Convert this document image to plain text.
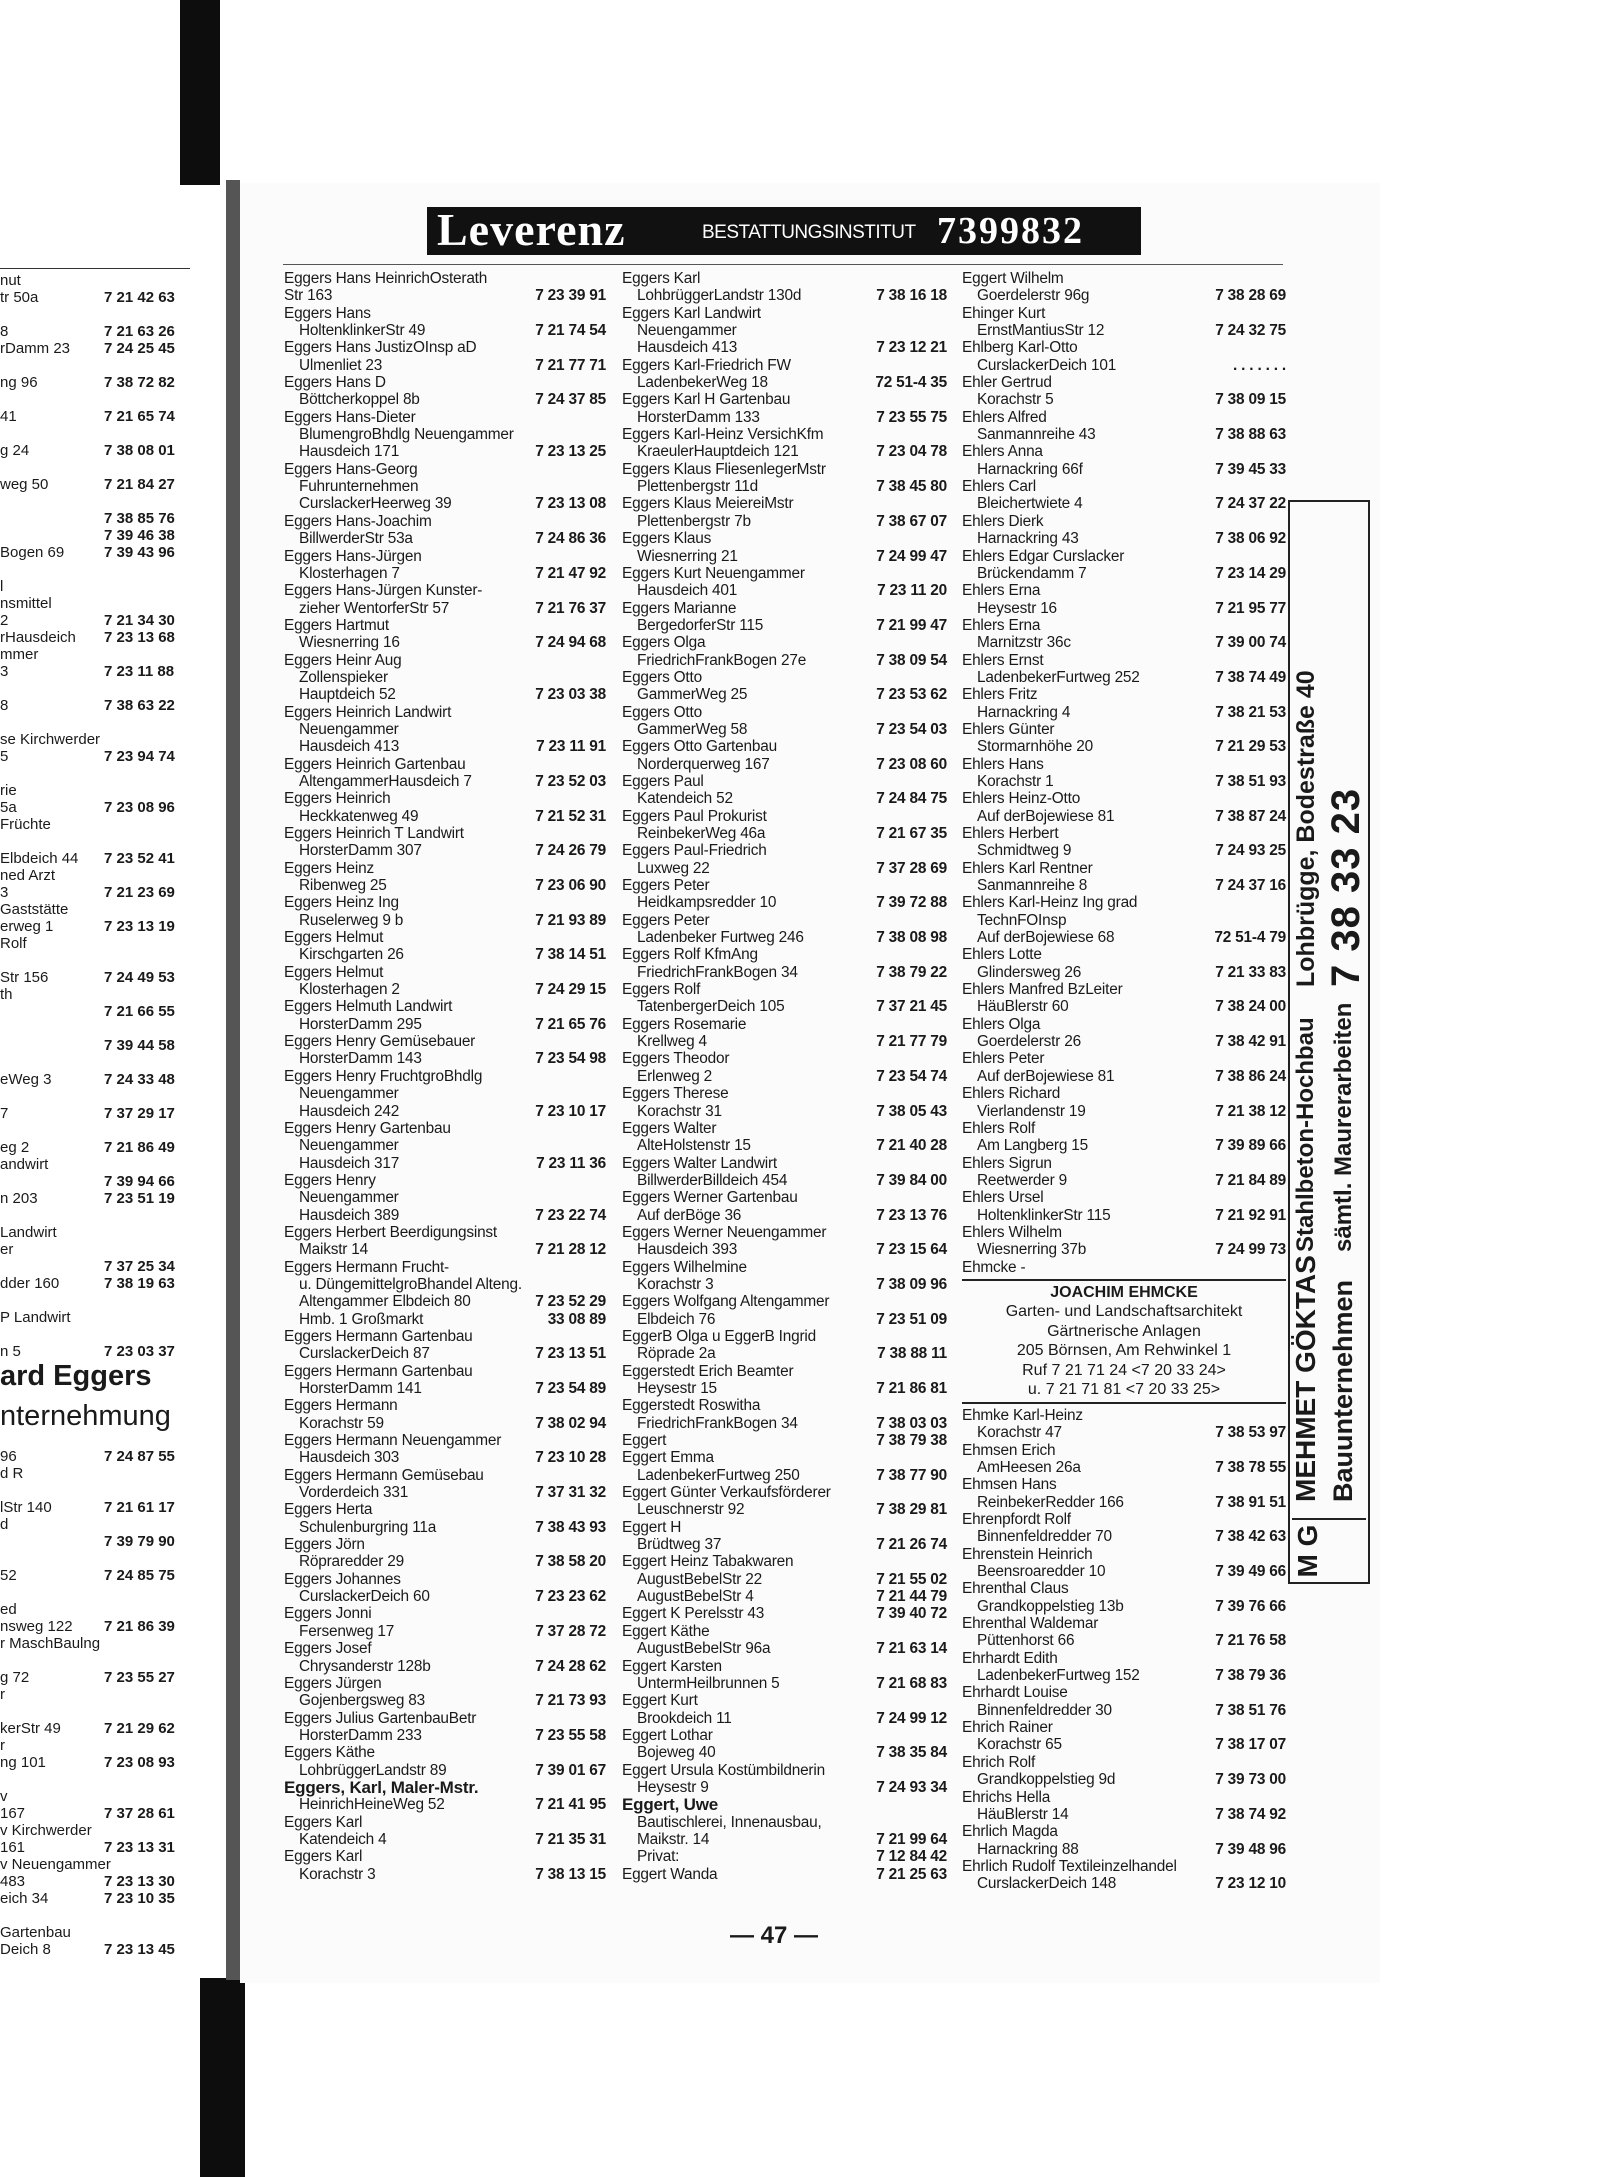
ard Eggers
nternehmung
nut
tr 50a	7 21 42 63
8	7 21 63 26
rDamm 23 7 24 25 45
ng 96	7 38 72 82
41	7 21 65 74
g 24	7 38 08 01
weg 50	7 21 84 27
7 38 85 76
7 39 46 38
Bogen 69	7 39 43 96
l
nsmittel
2	7 21 34 30
rHausdeich 7 23 13 68
mmer
3	7 23 11 88
8	7 38 63 22
se Kirchwerder
5	7 23 94 74
rie
5a	7 23 08 96
Früchte
Elbdeich 44 7 23 52 41
ned Arzt
3	7 21 23 69
Gaststätte
erweg 1	7 23 13 19
Rolf
Str 156	7 24 49 53
th
7 21 66 55
7 39 44 58
eWeg 3	7 24 33 48
7	7 37 29 17
eg 2	7 21 86 49
andwirt
7 39 94 66
n 203	7 23 51 19
Landwirt
er
7 37 25 34
dder 160	7 38 19 63
P Landwirt
n 5	7 23 03 37
96	7 24 87 55
d R
lStr 140	7 21 61 17
d
7 39 79 90
52	7 24 85 75
ed
nsweg 122 7 21 86 39
r MaschBaulng
g 72	7 23 55 27
r
kerStr 49	7 21 29 62
r
ng 101	7 23 08 93
v
167	7 37 28 61
v Kirchwerder
161	7 23 13 31
v Neuengammer
483	7 23 13 30
eich 34	7 23 10 35
Gartenbau
Deich 8	7 23 13 45
Leverenz	BESTATTUNGSINSTITUT 7399832
Eggers Hans HeinrichOsterath
Str 163	7 23 39 91
Eggers Hans
HoltenklinkerStr 49	7 21 74 54
Eggers Hans JustizOInsp aD
Ulmenliet 23	7 21 77 71
Eggers Hans D
Böttcherkoppel 8b	7 24 37 85
Eggers Hans-Dieter
BlumengroBhdlg Neuengammer
Hausdeich 171	7 23 13 25
Eggers Hans-Georg
Fuhrunternehmen
CurslackerHeerweg 39	7 23 13 08
Eggers Hans-Joachim
BillwerderStr 53a	7 24 86 36
Eggers Hans-Jürgen
Klosterhagen 7	7 21 47 92
Eggers Hans-Jürgen Kunster-
zieher WentorferStr 57	7 21 76 37
Eggers Hartmut
Wiesnerring 16	7 24 94 68
Eggers Heinr Aug
Zollenspieker
Hauptdeich 52	7 23 03 38
Eggers Heinrich Landwirt
Neuengammer
Hausdeich 413	7 23 11 91
Eggers Heinrich Gartenbau
AltengammerHausdeich 7	7 23 52 03
Eggers Heinrich
Heckkatenweg 49	7 21 52 31
Eggers Heinrich T Landwirt
HorsterDamm 307	7 24 26 79
Eggers Heinz
Ribenweg 25	7 23 06 90
Eggers Heinz Ing
Ruselerweg 9 b	7 21 93 89
Eggers Helmut
Kirschgarten 26	7 38 14 51
Eggers Helmut
Klosterhagen 2	7 24 29 15
Eggers Helmuth Landwirt
HorsterDamm 295	7 21 65 76
Eggers Henry Gemüsebauer
HorsterDamm 143	7 23 54 98
Eggers Henry FruchtgroBhdlg
Neuengammer
Hausdeich 242	7 23 10 17
Eggers Henry Gartenbau
Neuengammer
Hausdeich 317	7 23 11 36
Eggers Henry
Neuengammer
Hausdeich 389	7 23 22 74
Eggers Herbert Beerdigungsinst
Maikstr 14	7 21 28 12
Eggers Hermann Frucht-
u. DüngemittelgroBhandel Alteng.
Altengammer Elbdeich 80	7 23 52 29
Hmb. 1 Großmarkt	33 08 89
Eggers Hermann Gartenbau
CurslackerDeich 87	7 23 13 51
Eggers Hermann Gartenbau
HorsterDamm 141	7 23 54 89
Eggers Hermann
Korachstr 59	7 38 02 94
Eggers Hermann Neuengammer
Hausdeich 303	7 23 10 28
Eggers Hermann Gemüsebau
Vorderdeich 331	7 37 31 32
Eggers Herta
Schulenburgring 11a	7 38 43 93
Eggers Jörn
Röpraredder 29	7 38 58 20
Eggers Johannes
CurslackerDeich 60	7 23 23 62
Eggers Jonni
Fersenweg 17	7 37 28 72
Eggers Josef
Chrysanderstr 128b	7 24 28 62
Eggers Jürgen
Gojenbergsweg 83	7 21 73 93
Eggers Julius GartenbauBetr
HorsterDamm 233	7 23 55 58
Eggers Käthe
LohbrüggerLandstr 89	7 39 01 67
Eggers, Karl, Maler-Mstr.
HeinrichHeineWeg 52	7 21 41 95
Eggers Karl
Katendeich 4	7 21 35 31
Eggers Karl
Korachstr 3	7 38 13 15
Eggers Karl
LohbrüggerLandstr 130d	7 38 16 18
Eggers Karl Landwirt
Neuengammer
Hausdeich 413	7 23 12 21
Eggers Karl-Friedrich FW
LadenbekerWeg 18	72 51-4 35
Eggers Karl H Gartenbau
HorsterDamm 133	7 23 55 75
Eggers Karl-Heinz VersichKfm
KraeulerHauptdeich 121	7 23 04 78
Eggers Klaus FliesenlegerMstr
Plettenbergstr 11d	7 38 45 80
Eggers Klaus MeiereiMstr
Plettenbergstr 7b	7 38 67 07
Eggers Klaus
Wiesnerring 21	7 24 99 47
Eggers Kurt Neuengammer
Hausdeich 401	7 23 11 20
Eggers Marianne
BergedorferStr 115	7 21 99 47
Eggers Olga
FriedrichFrankBogen 27e	7 38 09 54
Eggers Otto
GammerWeg 25	7 23 53 62
Eggers Otto
GammerWeg 58	7 23 54 03
Eggers Otto Gartenbau
Norderquerweg 167	7 23 08 60
Eggers Paul
Katendeich 52	7 24 84 75
Eggers Paul Prokurist
ReinbekerWeg 46a	7 21 67 35
Eggers Paul-Friedrich
Luxweg 22	7 37 28 69
Eggers Peter
Heidkampsredder 10	7 39 72 88
Eggers Peter
Ladenbeker Furtweg 246	7 38 08 98
Eggers Rolf KfmAng
FriedrichFrankBogen 34	7 38 79 22
Eggers Rolf
TatenbergerDeich 105	7 37 21 45
Eggers Rosemarie
Krellweg 4	7 21 77 79
Eggers Theodor
Erlenweg 2	7 23 54 74
Eggers Therese
Korachstr 31	7 38 05 43
Eggers Walter
AlteHolstenstr 15	7 21 40 28
Eggers Walter Landwirt
BillwerderBilldeich 454	7 39 84 00
Eggers Werner Gartenbau
Auf derBöge 36	7 23 13 76
Eggers Werner Neuengammer
Hausdeich 393	7 23 15 64
Eggers Wilhelmine
Korachstr 3	7 38 09 96
Eggers Wolfgang Altengammer
Elbdeich 76	7 23 51 09
EggerB Olga u EggerB Ingrid
Röprade 2a	7 38 88 11
Eggerstedt Erich Beamter
Heysestr 15	7 21 86 81
Eggerstedt Roswitha
FriedrichFrankBogen 34	7 38 03 03
Eggert	7 38 79 38
Eggert Emma
LadenbekerFurtweg 250	7 38 77 90
Eggert Günter Verkaufsförderer
Leuschnerstr 92	7 38 29 81
Eggert H
Brüdtweg 37	7 21 26 74
Eggert Heinz Tabakwaren
AugustBebelStr 22	7 21 55 02
AugustBebelStr 4	7 21 44 79
Eggert K Perelsstr 43	7 39 40 72
Eggert Käthe
AugustBebelStr 96a	7 21 63 14
Eggert Karsten
UntermHeilbrunnen 5	7 21 68 83
Eggert Kurt
Brookdeich 11	7 24 99 12
Eggert Lothar
Bojeweg 40	7 38 35 84
Eggert Ursula Kostümbildnerin
Heysestr 9	7 24 93 34
Eggert, Uwe
Bautischlerei, Innenausbau,
Maikstr. 14	7 21 99 64
Privat:	7 12 84 42
Eggert Wanda	7 21 25 63
Eggert Wilhelm
Goerdelerstr 96g	7 38 28 69
Ehinger Kurt
ErnstMantiusStr 12	7 24 32 75
Ehlberg Karl-Otto
CurslackerDeich 101	. . . . . . .
Ehler Gertrud
Korachstr 5	7 38 09 15
Ehlers Alfred
Sanmannreihe 43	7 38 88 63
Ehlers Anna
Harnackring 66f	7 39 45 33
Ehlers Carl
Bleichertwiete 4	7 24 37 22
Ehlers Dierk
Harnackring 43	7 38 06 92
Ehlers Edgar Curslacker
Brückendamm 7	7 23 14 29
Ehlers Erna
Heysestr 16	7 21 95 77
Ehlers Erna
Marnitzstr 36c	7 39 00 74
Ehlers Ernst
LadenbekerFurtweg 252	7 38 74 49
Ehlers Fritz
Harnackring 4	7 38 21 53
Ehlers Günter
Stormarnhöhe 20	7 21 29 53
Ehlers Hans
Korachstr 1	7 38 51 93
Ehlers Heinz-Otto
Auf derBojewiese 81	7 38 87 24
Ehlers Herbert
Schmidtweg 9	7 24 93 25
Ehlers Karl Rentner
Sanmannreihe 8	7 24 37 16
Ehlers Karl-Heinz Ing grad
TechnFOInsp
Auf derBojewiese 68	72 51-4 79
Ehlers Lotte
Glindersweg 26	7 21 33 83
Ehlers Manfred BzLeiter
HäuBlerstr 60	7 38 24 00
Ehlers Olga
Goerdelerstr 26	7 38 42 91
Ehlers Peter
Auf derBojewiese 81	7 38 86 24
Ehlers Richard
Vierlandenstr 19	7 21 38 12
Ehlers Rolf
Am Langberg 15	7 39 89 66
Ehlers Sigrun
Reetwerder 9	7 21 84 89
Ehlers Ursel
HoltenklinkerStr 115	7 21 92 91
Ehlers Wilhelm
Wiesnerring 37b	7 24 99 73
Ehmcke -
JOACHIM EHMCKE
Garten- und Landschaftsarchitekt
Gärtnerische Anlagen
205 Börnsen, Am Rehwinkel 1
Ruf 7 21 71 24 <7 20 33 24>
u. 7 21 71 81 <7 20 33 25>
Ehmke Karl-Heinz
Korachstr 47	7 38 53 97
Ehmsen Erich
AmHeesen 26a	7 38 78 55
Ehmsen Hans
ReinbekerRedder 166	7 38 91 51
Ehrenpfordt Rolf
Binnenfeldredder 70	7 38 42 63
Ehrenstein Heinrich
Beensroaredder 10	7 39 49 66
Ehrenthal Claus
Grandkoppelstieg 13b	7 39 76 66
Ehrenthal Waldemar
Püttenhorst 66	7 21 76 58
Ehrhardt Edith
LadenbekerFurtweg 152	7 38 79 36
Ehrhardt Louise
Binnenfeldredder 30	7 38 51 76
Ehrich Rainer
Korachstr 65	7 38 17 07
Ehrich Rolf
Grandkoppelstieg 9d	7 39 73 00
Ehrichs Hella
HäuBlerstr 14	7 38 74 92
Ehrlich Magda
Harnackring 88	7 39 48 96
Ehrlich Rudolf Textileinzelhandel
CurslackerDeich 148	7 23 12 10
M G
MEHMET GÖKTAS Bauunternehmen
Stahlbeton-Hochbau sämtl. Maurerarbeiten
Lohbrügge, Bodestraße 40 7 38 33 23
— 47 —
